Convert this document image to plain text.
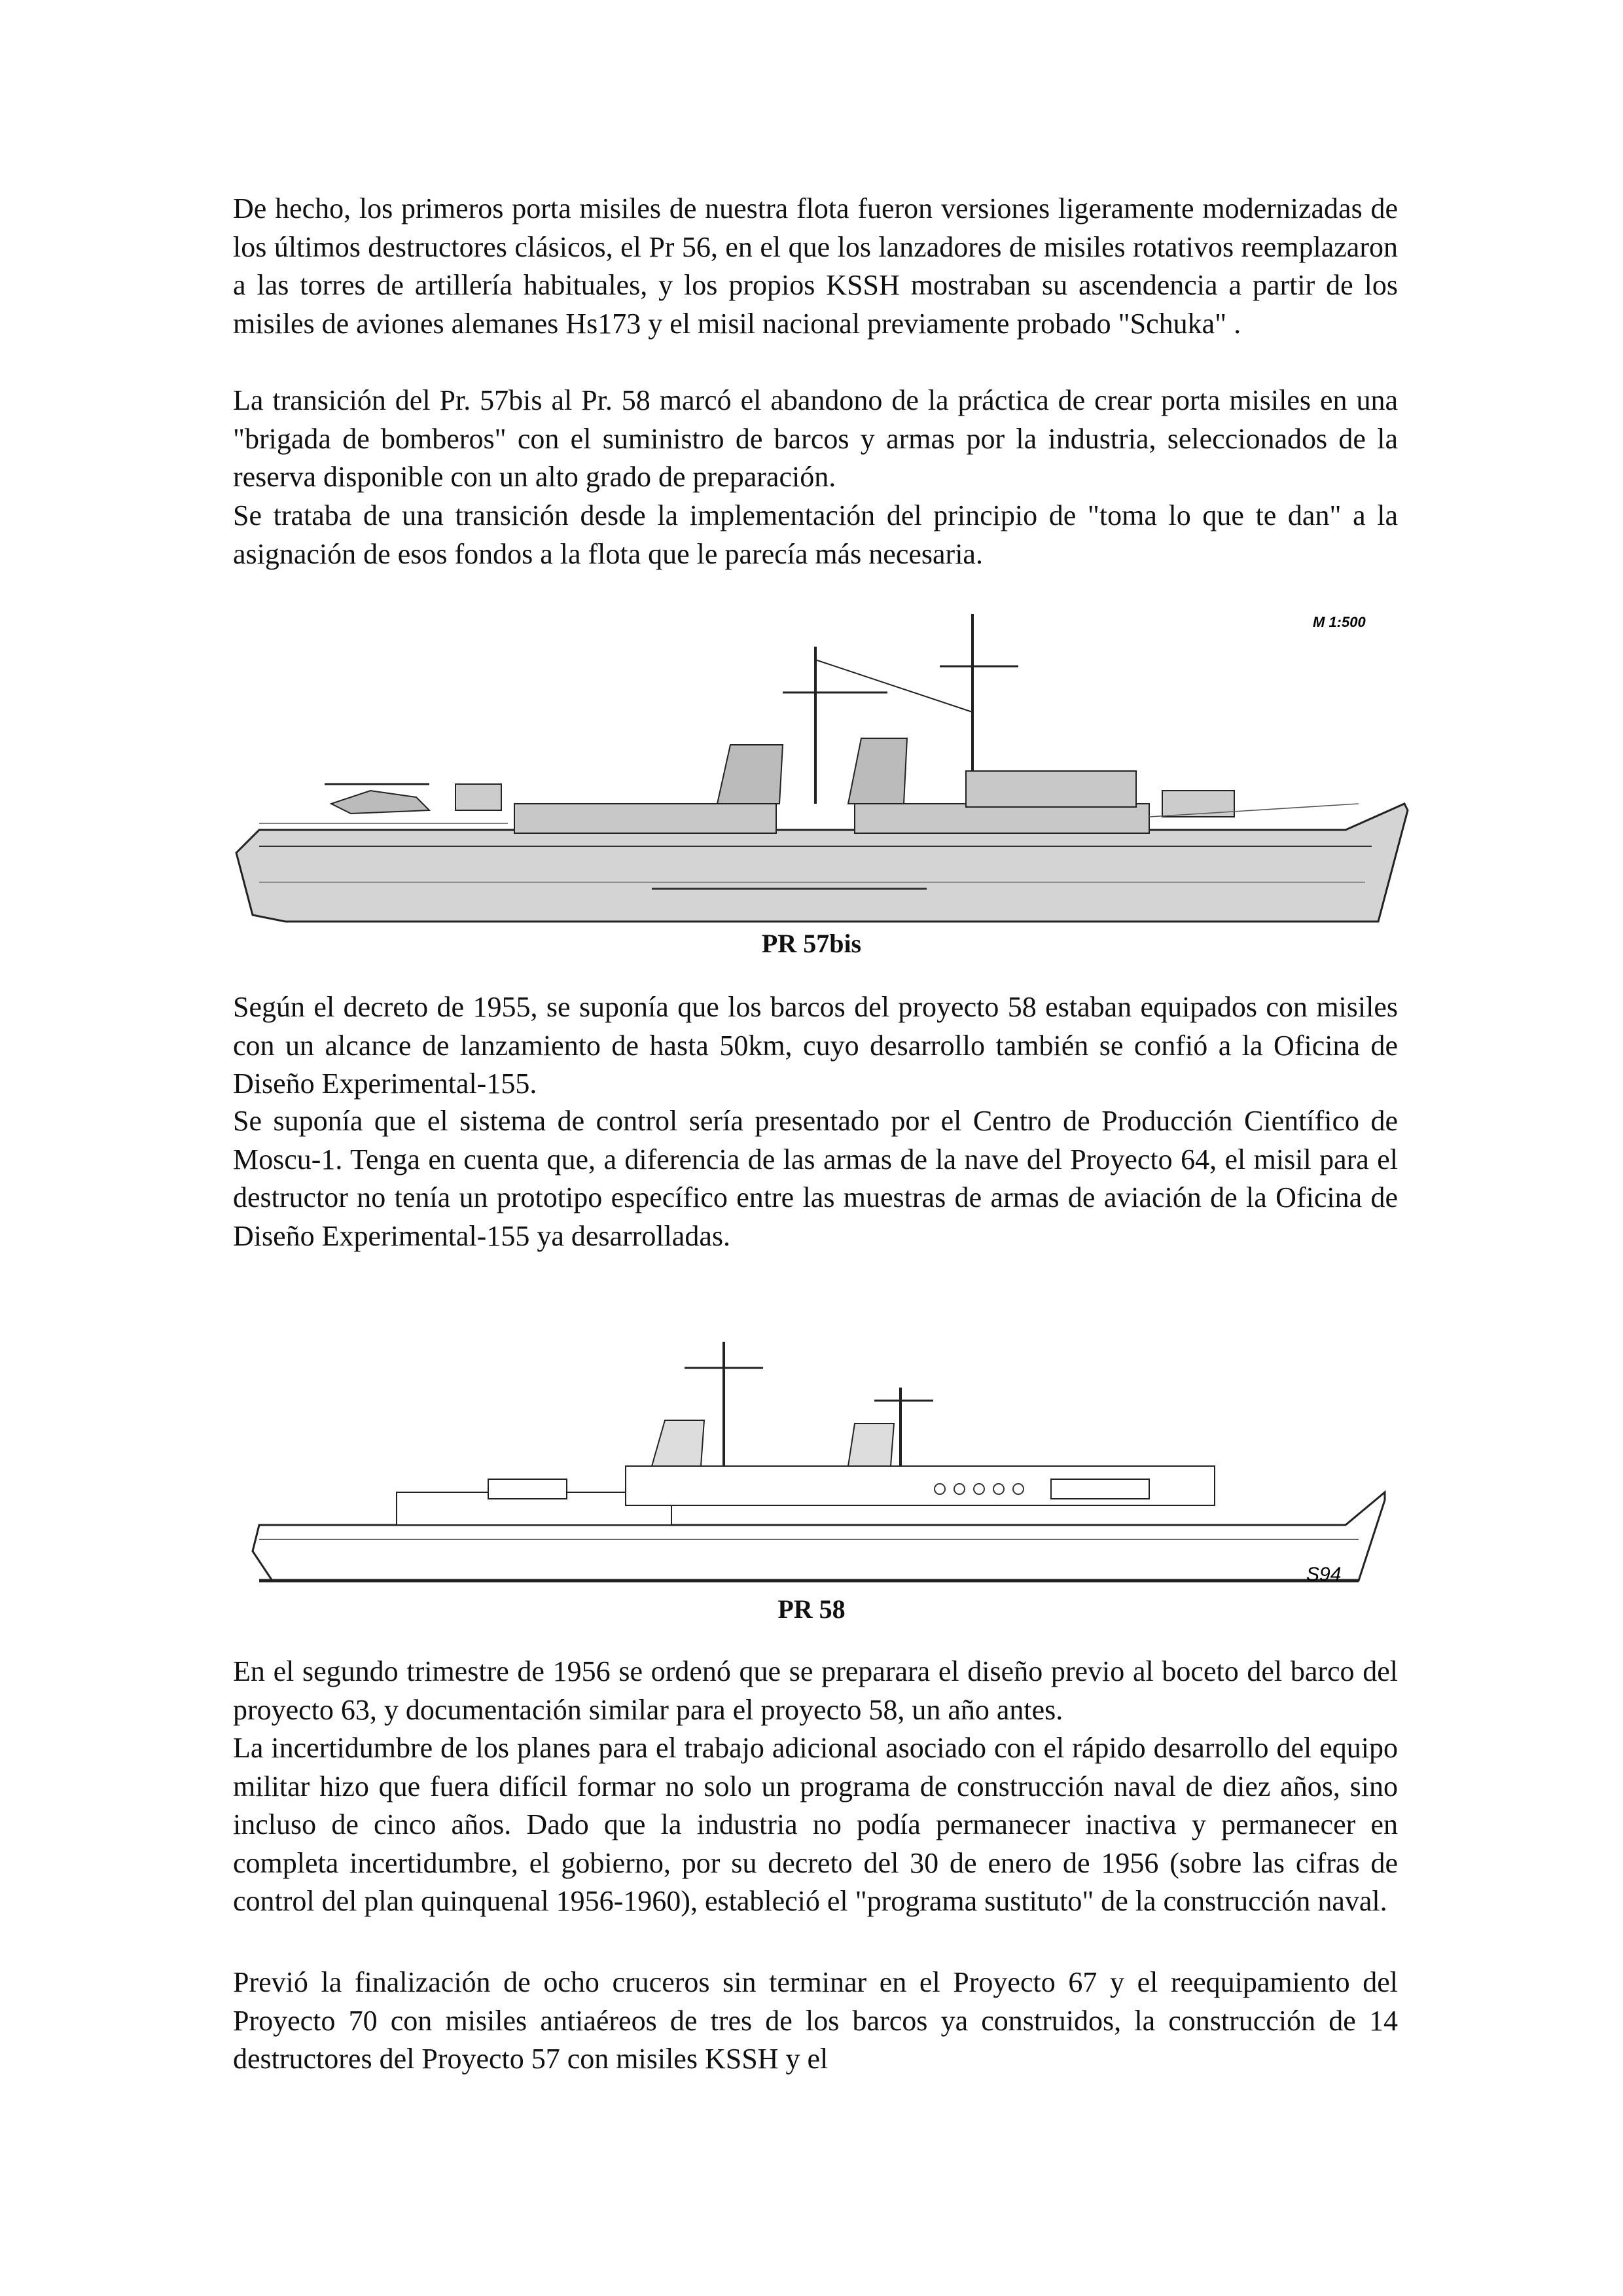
De hecho, los primeros porta misiles de nuestra flota fueron versiones ligeramente modernizadas de los últimos destructores clásicos, el Pr 56, en el que los lanzadores de misiles rotativos reemplazaron a las torres de artillería habituales, y los propios KSSH mostraban su ascendencia a partir de los misiles de aviones alemanes Hs173 y el misil nacional previamente probado "Schuka" .

La transición del Pr. 57bis al Pr. 58 marcó el abandono de la práctica de crear porta misiles en una "brigada de bomberos" con el suministro de barcos y armas por la industria, seleccionados de la reserva disponible con un alto grado de preparación.

Se trataba de una transición desde la implementación del principio de "toma lo que te dan" a la asignación de esos fondos a la flota que le parecía más necesaria.

M 1:500

PR 57bis

Según el decreto de 1955, se suponía que los barcos del proyecto 58 estaban equipados con misiles con un alcance de lanzamiento de hasta 50km, cuyo desarrollo también se confió a la Oficina de Diseño Experimental-155.

Se suponía que el sistema de control sería presentado por el Centro de Producción Científico de Moscu-1. Tenga en cuenta que, a diferencia de las armas de la nave del Proyecto 64, el misil para el destructor no tenía un prototipo específico entre las muestras de armas de aviación de la Oficina de Diseño Experimental-155 ya desarrolladas.

S94

PR 58

En el segundo trimestre de 1956 se ordenó que se preparara el diseño previo al boceto del barco del proyecto 63, y documentación similar para el proyecto 58, un año antes.

La incertidumbre de los planes para el trabajo adicional asociado con el rápido desarrollo del equipo militar hizo que fuera difícil formar no solo un programa de construcción naval de diez años, sino incluso de cinco años. Dado que la industria no podía permanecer inactiva y permanecer en completa incertidumbre, el gobierno, por su decreto del 30 de enero de 1956 (sobre las cifras de control del plan quinquenal 1956-1960), estableció el "programa sustituto" de la construcción naval.

Previó la finalización de ocho cruceros sin terminar en el Proyecto 67 y el reequipamiento del Proyecto 70 con misiles antiaéreos de tres de los barcos ya construidos, la construcción de 14 destructores del Proyecto 57 con misiles KSSH y el
